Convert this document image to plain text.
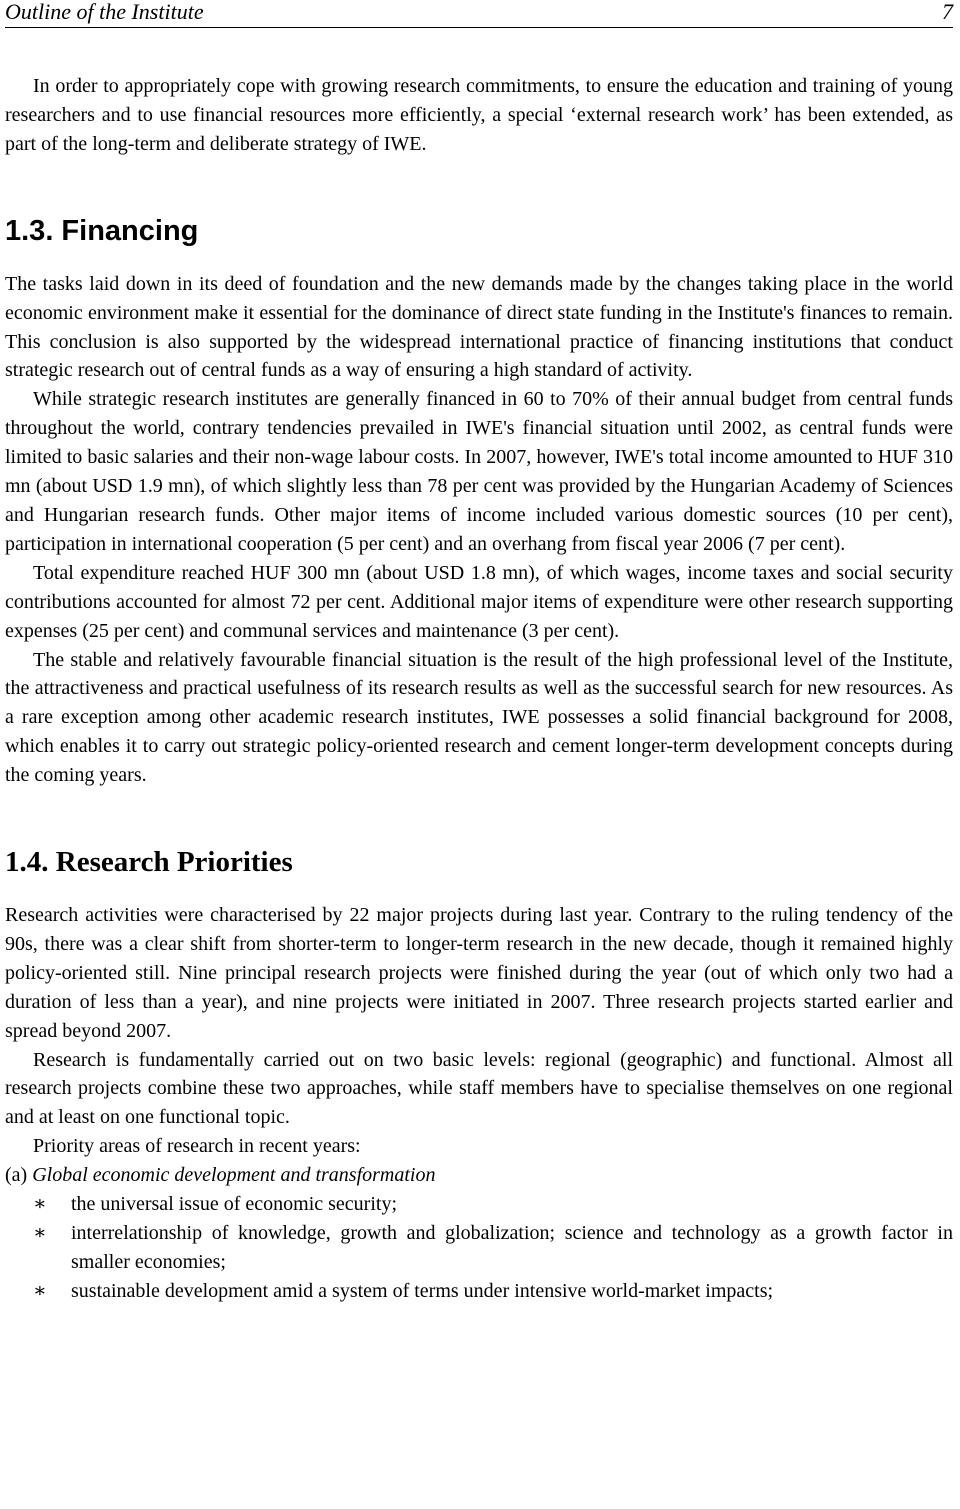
Outline of the Institute	7

In order to appropriately cope with growing research commitments, to ensure the education and training of young researchers and to use financial resources more efficiently, a special ‘external research work’ has been extended, as part of the long-term and deliberate strategy of IWE.

1.3. Financing

The tasks laid down in its deed of foundation and the new demands made by the changes taking place in the world economic environment make it essential for the dominance of direct state funding in the Institute's finances to remain. This conclusion is also supported by the widespread international practice of financing institutions that conduct strategic research out of central funds as a way of ensuring a high standard of activity.

While strategic research institutes are generally financed in 60 to 70% of their annual budget from central funds throughout the world, contrary tendencies prevailed in IWE's financial situation until 2002, as central funds were limited to basic salaries and their non-wage labour costs. In 2007, however, IWE's total income amounted to HUF 310 mn (about USD 1.9 mn), of which slightly less than 78 per cent was provided by the Hungarian Academy of Sciences and Hungarian research funds. Other major items of income included various domestic sources (10 per cent), participation in international cooperation (5 per cent) and an overhang from fiscal year 2006 (7 per cent).

Total expenditure reached HUF 300 mn (about USD 1.8 mn), of which wages, income taxes and social security contributions accounted for almost 72 per cent. Additional major items of expenditure were other research supporting expenses (25 per cent) and communal services and maintenance (3 per cent).

The stable and relatively favourable financial situation is the result of the high professional level of the Institute, the attractiveness and practical usefulness of its research results as well as the successful search for new resources. As a rare exception among other academic research institutes, IWE possesses a solid financial background for 2008, which enables it to carry out strategic policy-oriented research and cement longer-term development concepts during the coming years.

1.4. Research Priorities

Research activities were characterised by 22 major projects during last year. Contrary to the ruling tendency of the 90s, there was a clear shift from shorter-term to longer-term research in the new decade, though it remained highly policy-oriented still. Nine principal research projects were finished during the year (out of which only two had a duration of less than a year), and nine projects were initiated in 2007. Three research projects started earlier and spread beyond 2007.

Research is fundamentally carried out on two basic levels: regional (geographic) and functional. Almost all research projects combine these two approaches, while staff members have to specialise themselves on one regional and at least on one functional topic.

Priority areas of research in recent years:

(a) Global economic development and transformation
∗ the universal issue of economic security;
∗ interrelationship of knowledge, growth and globalization; science and technology as a growth factor in smaller economies;
∗ sustainable development amid a system of terms under intensive world-market impacts;
